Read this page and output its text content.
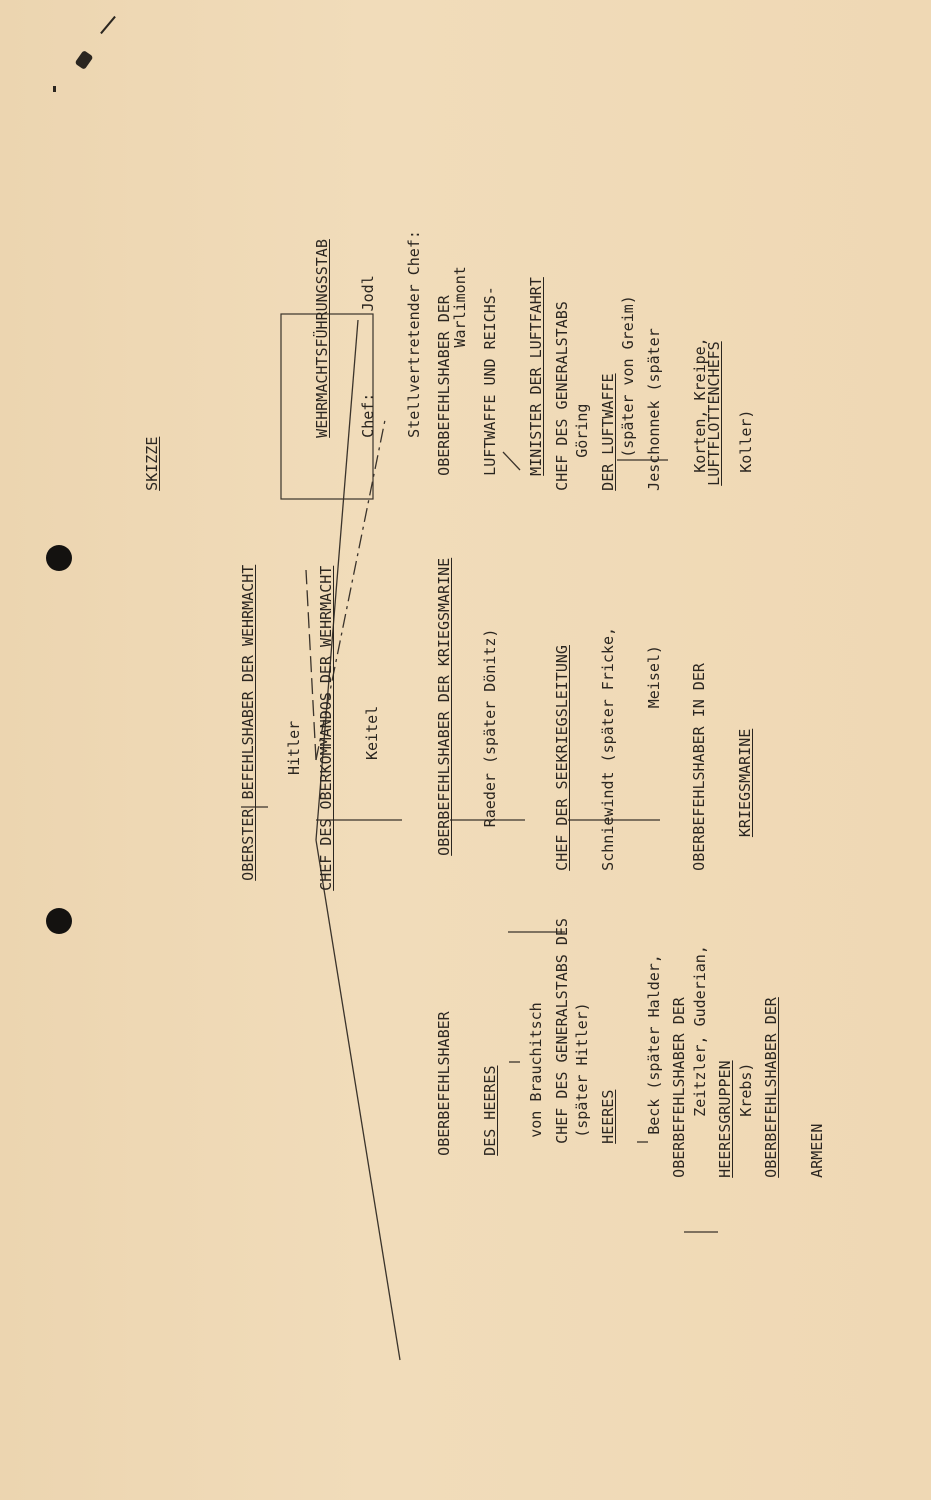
SKIZZE

OBERSTER BEFEHLSHABER DER WEHRMACHT Hitler
CHEF DES OBERKOMMANDOS DER WEHRMACHT Keitel

WEHRMACHTSFÜHRUNGSSTAB Chef:         Jodl Stellvertretender Chef:

Warlimont

OBERBEFEHLSHABER DER KRIEGSMARINE Raeder (später Dönitz)

OBERBEFEHLSHABER DER LUFTWAFFE UND REICHS- MINISTER DER LUFTFAHRT

Göring

(später von Greim)

CHEF DER SEEKRIEGSLEITUNG Schniewindt (später Fricke,

Meisel)

CHEF DES GENERALSTABS DER LUFTWAFFE Jeschonnek (später

Korten, Kreipe,

Koller)

OBERBEFEHLSHABER IN DER KRIEGSMARINE

LUFTFLOTTENCHEFS

OBERBEFEHLSHABER DES HEERES

von Brauchitsch

(später Hitler)

CHEF DES GENERALSTABS DES HEERES

Beck (später Halder,

Zeitzler, Guderian,

Krebs)

OBERBEFEHLSHABER DER HEERESGRUPPEN OBERBEFEHLSHABER DER ARMEEN
